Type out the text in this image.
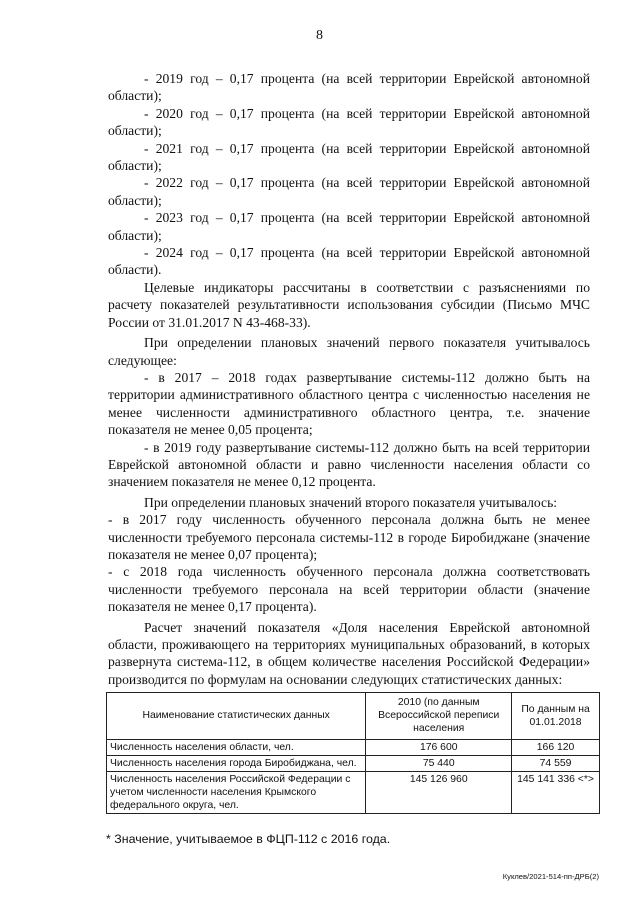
8

- 2019 год – 0,17 процента (на всей территории Еврейской автономной области);

- 2020 год – 0,17 процента (на всей территории Еврейской автономной области);

- 2021 год – 0,17 процента (на всей территории Еврейской автономной области);

- 2022 год – 0,17 процента (на всей территории Еврейской автономной области);

- 2023 год – 0,17 процента (на всей территории Еврейской автономной области);

- 2024 год – 0,17 процента (на всей территории Еврейской автономной области).

Целевые индикаторы рассчитаны в соответствии с разъяснениями по расчету показателей результативности использования субсидии (Письмо МЧС России от 31.01.2017 N 43-468-33).

При определении плановых значений первого показателя учитывалось следующее:

- в 2017 – 2018 годах развертывание системы-112 должно быть на территории административного областного центра с численностью населения не менее численности административного областного центра, т.е. значение показателя не менее 0,05 процента;

- в 2019 году развертывание системы-112 должно быть на всей территории Еврейской автономной области и равно численности населения области со значением показателя не менее 0,12 процента.

При определении плановых значений второго показателя учитывалось:

- в 2017 году численность обученного персонала должна быть не менее численности требуемого персонала системы-112 в городе Биробиджане (значение показателя не менее 0,07 процента);

- с 2018 года численность обученного персонала должна соответствовать численности требуемого персонала на всей территории области (значение показателя не менее 0,17 процента).

Расчет значений показателя «Доля населения Еврейской автономной области, проживающего на территориях муниципальных образований, в которых развернута система-112, в общем количестве населения Российской Федерации» производится по формулам на основании следующих статистических данных:

Наименование статистических данных	2010 (по данным Всероссийской переписи населения	По данным на 01.01.2018
Численность населения области, чел.	176 600	166 120
Численность населения города Биробиджана, чел.	75 440	74 559
Численность населения Российской Федерации с учетом численности населения Крымского федерального округа, чел.	145 126 960	145 141 336 <*>
* Значение, учитываемое в ФЦП-112 с 2016 года.
Куклев/2021-514-пп-ДРБ(2)
